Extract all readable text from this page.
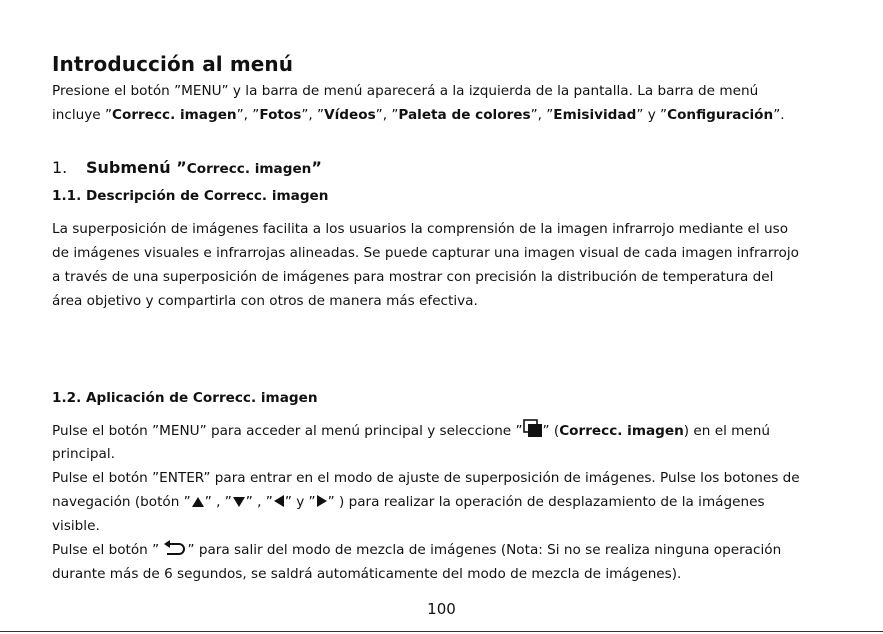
Introducción al menú

Presione el botón ”MENU” y la barra de menú aparecerá a la izquierda de la pantalla. La barra de menú

incluye ”Correcc. imagen”, ”Fotos”, ”Vídeos”, ”Paleta de colores”, ”Emisividad” y ”Configuración”.

1. Submenú ”Correcc. imagen”
1.1. Descripción de Correcc. imagen

La superposición de imágenes facilita a los usuarios la comprensión de la imagen infrarrojo mediante el uso

de imágenes visuales e infrarrojas alineadas. Se puede capturar una imagen visual de cada imagen infrarrojo

a través de una superposición de imágenes para mostrar con precisión la distribución de temperatura del

área objetivo y compartirla con otros de manera más efectiva.

1.2. Aplicación de Correcc. imagen

Pulse el botón ”MENU” para acceder al menú principal y seleccione ” ” (Correcc. imagen) en el menú

principal.

Pulse el botón ”ENTER” para entrar en el modo de ajuste de superposición de imágenes. Pulse los botones de

navegación (botón ” ” , ” ” , ” ” y ” ” ) para realizar la operación de desplazamiento de la imágenes

visible.

Pulse el botón ” ” para salir del modo de mezcla de imágenes (Nota: Si no se realiza ninguna operación

durante más de 6 segundos, se saldrá automáticamente del modo de mezcla de imágenes).

100
